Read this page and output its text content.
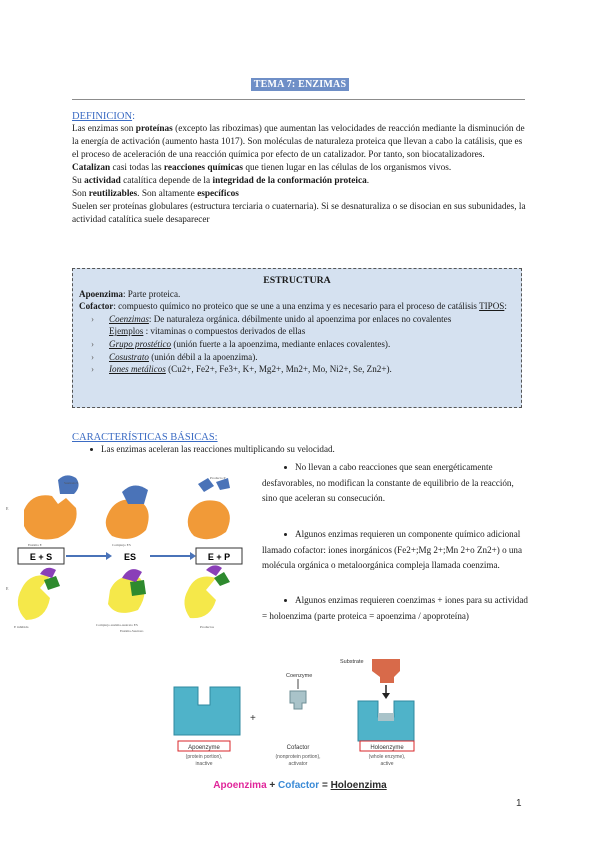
TEMA 7: ENZIMAS
DEFINICION:

Las enzimas son proteínas (excepto las ribozimas) que aumentan las velocidades de reacción mediante la disminución de la energía de activación (aumento hasta 1017). Son moléculas de naturaleza proteica que llevan a cabo la catálisis, que es el proceso de aceleración de una reacción química por efecto de un catalizador. Por tanto, son biocatalizadores.

Catalizan casi todas las reacciones químicas que tienen lugar en las células de los organismos vivos.

Su actividad catalítica depende de la integridad de la conformación proteica.

Son reutilizables. Son altamente específicos

Suelen ser proteínas globulares (estructura terciaria o cuaternaria). Si se desnaturaliza o se disocian en sus subunidades, la actividad catalítica suele desaparecer

ESTRUCTURA
Apoenzima: Parte proteica.
Cofactor: compuesto químico no proteico que se une a una enzima y es necesario para el proceso de catálisis TIPOS:
› Coenzimas: De naturaleza orgánica. débilmente unido al apoenzima por enlaces no covalentes
Ejemplos : vitaminas o compuestos derivados de ellas
› Grupo prostético (unión fuerte a la apoenzima, mediante enlaces covalentes).
› Cosustrato (unión débil a la apoenzima).
› Iones metálicos (Cu2+, Fe2+, Fe3+, K+, Mg2+, Mn2+, Mo, Ni2+, Se, Zn2+).
CARACTERÍSTICAS BÁSICAS:
Las enzimas aceleran las reacciones multiplicando su velocidad.
No llevan a cabo reacciones que sean energéticamente desfavorables, no modifican la constante de equilibrio de la reacción, sino que aceleran su consecución.
Algunos enzimas requieren un componente químico adicional llamado cofactor: iones inorgánicos (Fe2+;Mg 2+;Mn 2+o Zn2+) o una molécula orgánica o metaloorgánica compleja llamada coenzima.
Algunos enzimas requieren coenzimas + iones para su actividad = holoenzima (parte proteica = apoenzima / apoproteína)
E
Enzima E
Sustrato S
Complejo ES
Producto P
E + S	ES	E + P
E
E inhibida	Complejo enzima-sustrato ES
Enzima-Sustrato
Productos
+
Coenzyme
Substrate
Apoenzyme
(protein portion),
inactive
Cofactor
(nonprotein portion),
activator
Holoenzyme
(whole enzyme),
active
Apoenzima + Cofactor = Holoenzima
1
